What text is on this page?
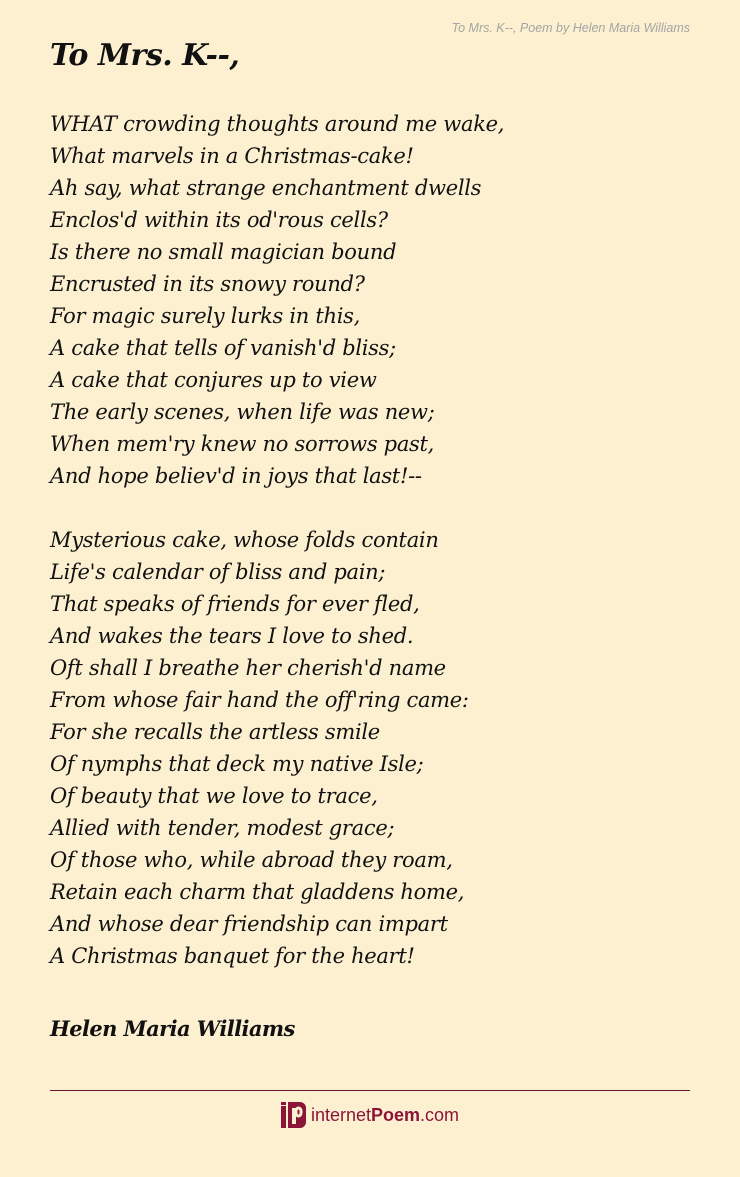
To Mrs. K--, Poem by Helen Maria Williams
To Mrs. K--,
WHAT crowding thoughts around me wake,
What marvels in a Christmas-cake!
Ah say, what strange enchantment dwells
Enclos'd within its od'rous cells?
Is there no small magician bound
Encrusted in its snowy round?
For magic surely lurks in this,
A cake that tells of vanish'd bliss;
A cake that conjures up to view
The early scenes, when life was new;
When mem'ry knew no sorrows past,
And hope believ'd in joys that last!--
Mysterious cake, whose folds contain
Life's calendar of bliss and pain;
That speaks of friends for ever fled,
And wakes the tears I love to shed.
Oft shall I breathe her cherish'd name
From whose fair hand the off'ring came:
For she recalls the artless smile
Of nymphs that deck my native Isle;
Of beauty that we love to trace,
Allied with tender, modest grace;
Of those who, while abroad they roam,
Retain each charm that gladdens home,
And whose dear friendship can impart
A Christmas banquet for the heart!
Helen Maria Williams
internetPoem.com
